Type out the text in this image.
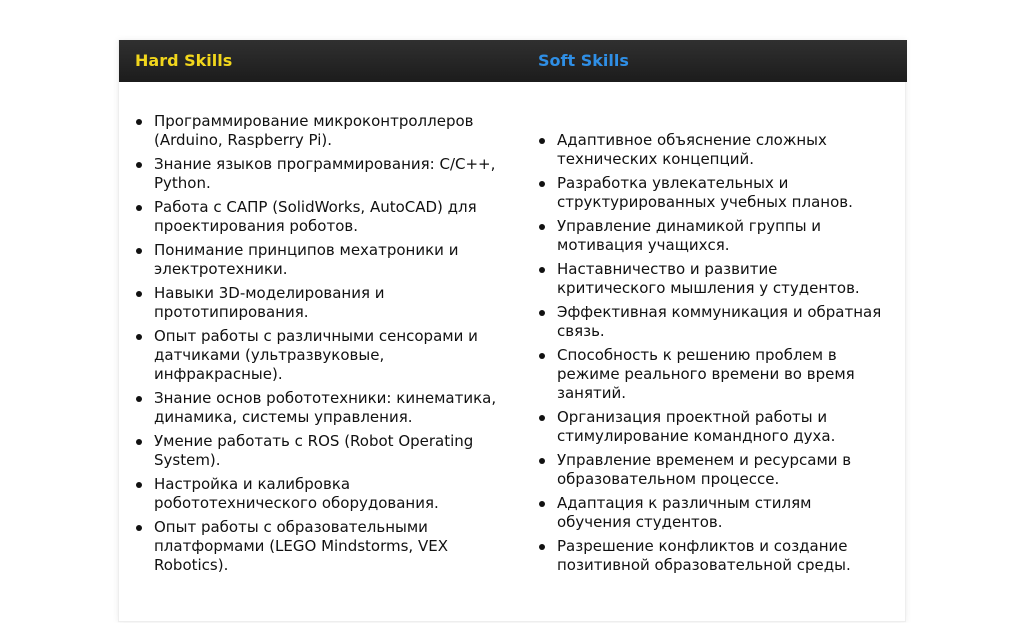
Hard Skills	Soft Skills
Программирование микроконтроллеров (Arduino, Raspberry Pi).
Знание языков программирования: C/C++, Python.
Работа с САПР (SolidWorks, AutoCAD) для проектирования роботов.
Понимание принципов мехатроники и электротехники.
Навыки 3D-моделирования и прототипирования.
Опыт работы с различными сенсорами и датчиками (ультразвуковые, инфракрасные).
Знание основ робототехники: кинематика, динамика, системы управления.
Умение работать с ROS (Robot Operating System).
Настройка и калибровка робототехнического оборудования.
Опыт работы с образовательными платформами (LEGO Mindstorms, VEX Robotics).
Адаптивное объяснение сложных технических концепций.
Разработка увлекательных и структурированных учебных планов.
Управление динамикой группы и мотивация учащихся.
Наставничество и развитие критического мышления у студентов.
Эффективная коммуникация и обратная связь.
Способность к решению проблем в режиме реального времени во время занятий.
Организация проектной работы и стимулирование командного духа.
Управление временем и ресурсами в образовательном процессе.
Адаптация к различным стилям обучения студентов.
Разрешение конфликтов и создание позитивной образовательной среды.
